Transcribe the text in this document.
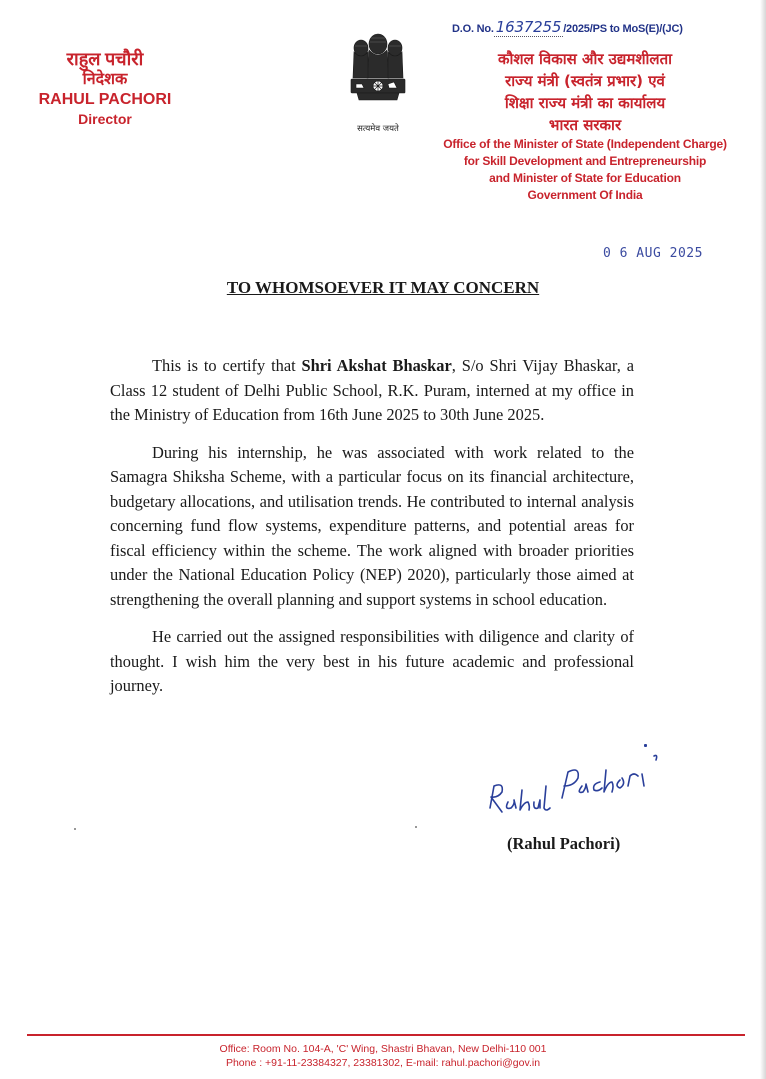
राहुल पचौरी
निदेशक
RAHUL PACHORI
Director
सत्यमेव जयते
D.O. No. 1637255 /2025/PS to MoS(E)/(JC)
कौशल विकास और उद्यमशीलता
राज्य मंत्री (स्वतंत्र प्रभार) एवं
शिक्षा राज्य मंत्री का कार्यालय
भारत सरकार
Office of the Minister of State (Independent Charge)
for Skill Development and Entrepreneurship
and Minister of State for Education
Government Of India
0 6 AUG 2025
TO WHOMSOEVER IT MAY CONCERN

This is to certify that Shri Akshat Bhaskar, S/o Shri Vijay Bhaskar, a Class 12 student of Delhi Public School, R.K. Puram, interned at my office in the Ministry of Education from 16th June 2025 to 30th June 2025.

During his internship, he was associated with work related to the Samagra Shiksha Scheme, with a particular focus on its financial architecture, budgetary allocations, and utilisation trends. He contributed to internal analysis concerning fund flow systems, expenditure patterns, and potential areas for fiscal efficiency within the scheme. The work aligned with broader priorities under the National Education Policy (NEP) 2020), particularly those aimed at strengthening the overall planning and support systems in school education.

He carried out the assigned responsibilities with diligence and clarity of thought. I wish him the very best in his future academic and professional journey.

(Rahul Pachori)
Office: Room No. 104-A, 'C' Wing, Shastri Bhavan, New Delhi-110 001
Phone : +91-11-23384327, 23381302, E-mail: rahul.pachori@gov.in
